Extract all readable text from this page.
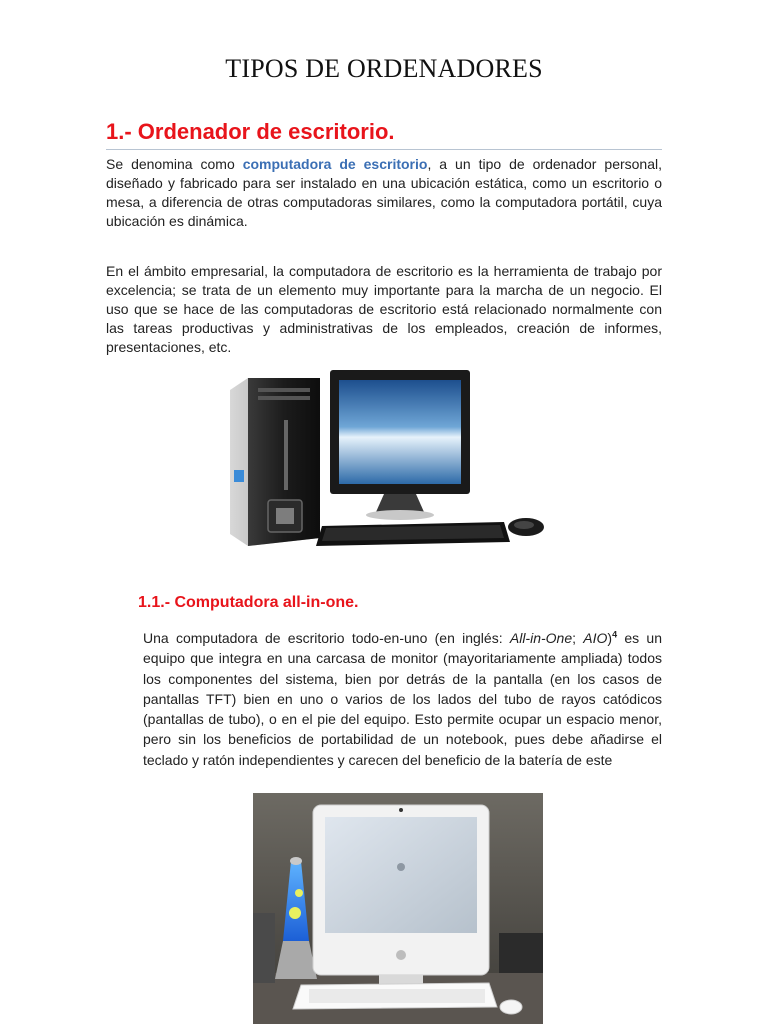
TIPOS DE ORDENADORES
1.- Ordenador de escritorio.
Se denomina como computadora de escritorio, a un tipo de ordenador personal, diseñado y fabricado para ser instalado en una ubicación estática, como un escritorio o mesa, a diferencia de otras computadoras similares, como la computadora portátil, cuya ubicación es dinámica.
En el ámbito empresarial, la computadora de escritorio es la herramienta de trabajo por excelencia; se trata de un elemento muy importante para la marcha de un negocio. El uso que se hace de las computadoras de escritorio está relacionado normalmente con las tareas productivas y administrativas de los empleados, creación de informes, presentaciones, etc.
1.1.- Computadora all-in-one.
Una computadora de escritorio todo-en-uno (en inglés: All-in-One; AIO)$^4$ es un equipo que integra en una carcasa de monitor (mayoritariamente ampliada) todos los componentes del sistema, bien por detrás de la pantalla (en los casos de pantallas TFT) bien en uno o varios de los lados del tubo de rayos catódicos (pantallas de tubo), o en el pie del equipo. Esto permite ocupar un espacio menor, pero sin los beneficios de portabilidad de un notebook, pues debe añadirse el teclado y ratón independientes y carecen del beneficio de la batería de este
